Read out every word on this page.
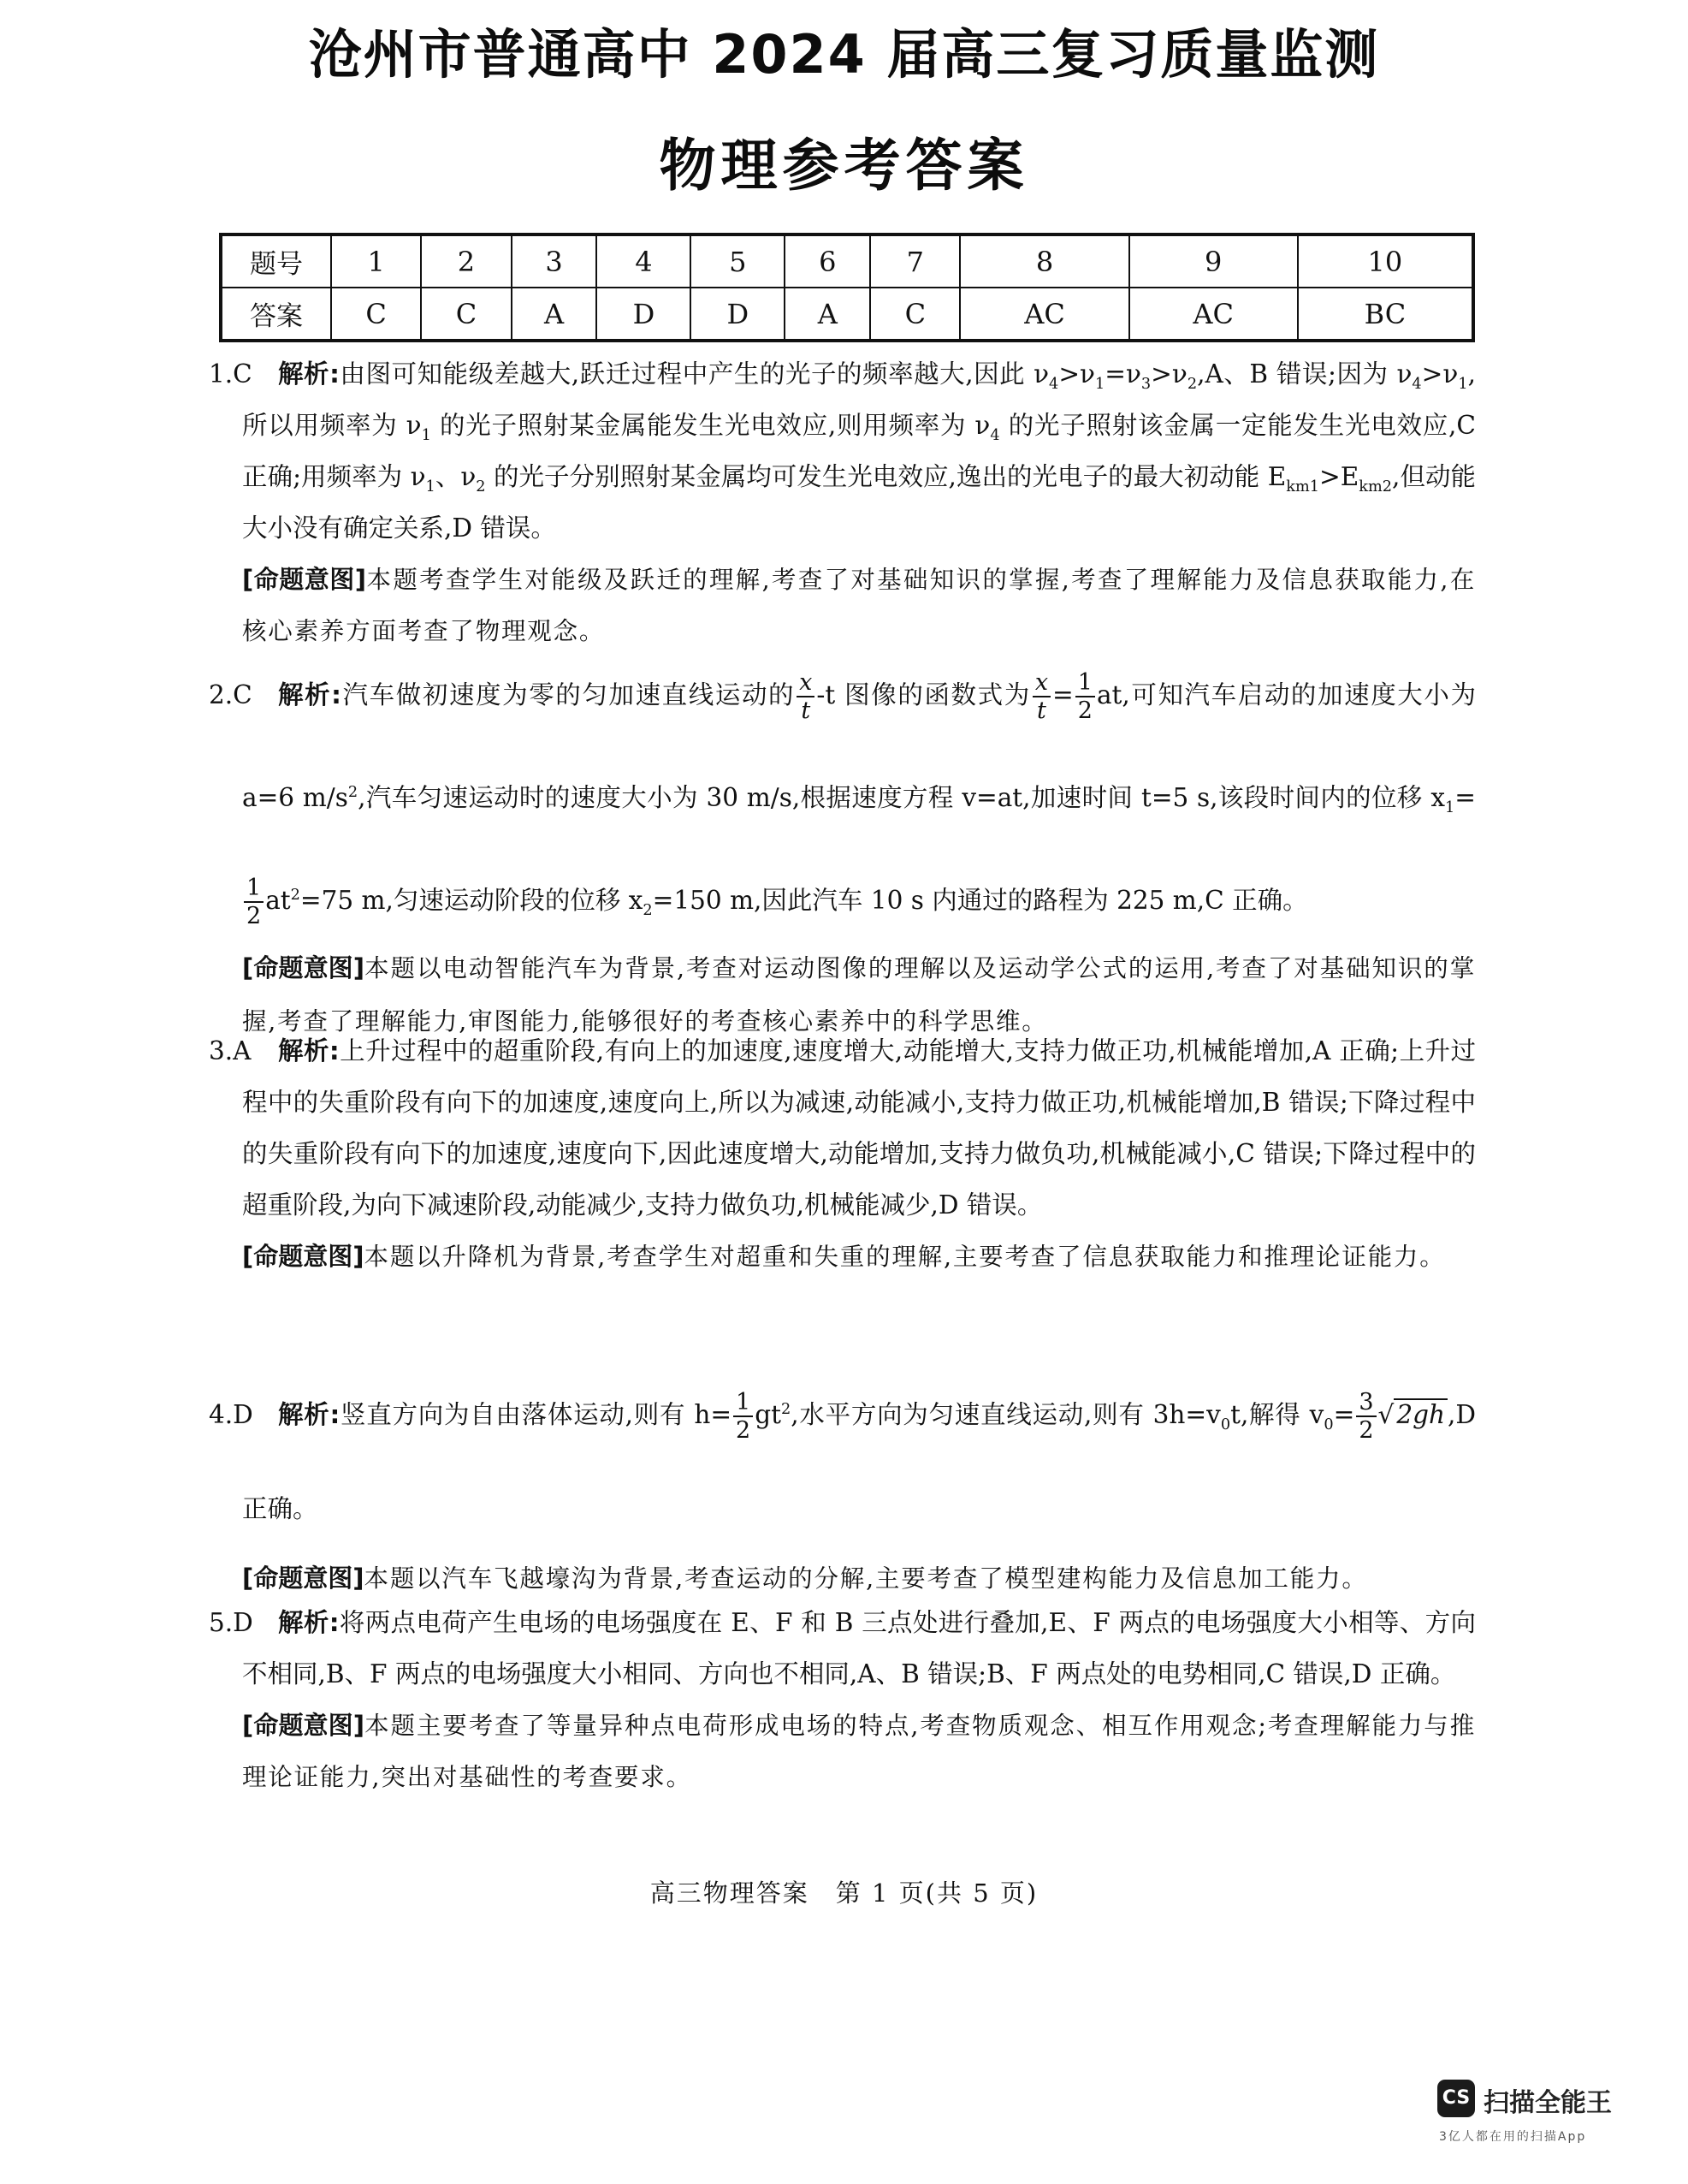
沧州市普通高中 2024 届高三复习质量监测
物理参考答案
题号	1	2	3	4	5	6	7	8	9	10
答案	C	C	A	D	D	A	C	AC	AC	BC
1.C 解析:由图可知能级差越大,跃迁过程中产生的光子的频率越大,因此 $\nu_4>\nu_1=\nu_3>\nu_2,A$、B 错误;因为 $\nu_4>\nu_1$,所以用频率为 $\nu_1$ 的光子照射某金属能发生光电效应,则用频率为 $\nu_4$ 的光子照射该金属一定能发生光电效应,C 正确;用频率为 $\nu_1$、$\nu_2$ 的光子分别照射某金属均可发生光电效应,逸出的光电子的最大初动能 $E_{km1}>E_{km2}$,但动能大小没有确定关系,D 错误。
[命题意图]本题考查学生对能级及跃迁的理解,考查了对基础知识的掌握,考查了理解能力及信息获取能力,在核心素养方面考查了物理观念。
2.C 解析:汽车做初速度为零的匀加速直线运动的 $\frac{x}{t} -t$ 图像的函数式为 $\frac{x}{t} = \frac{1}{2}$ at,可知汽车启动的加速度大小为 a=6 $m/s^2$,汽车匀速运动时的速度大小为 30 m/s,根据速度方程 v=at,加速时间 t=5 s,该段时间内的位移 $x_1=$
$\frac{1}{2} at^2=75$ m,匀速运动阶段的位移 $x_2=150$ m,因此汽车 10 s 内通过的路程为 225 m,C 正确。
[命题意图]本题以电动智能汽车为背景,考查对运动图像的理解以及运动学公式的运用,考查了对基础知识的掌握,考查了理解能力,审图能力,能够很好的考查核心素养中的科学思维。
3.A 解析:上升过程中的超重阶段,有向上的加速度,速度增大,动能增大,支持力做正功,机械能增加,A 正确;上升过程中的失重阶段有向下的加速度,速度向上,所以为减速,动能减小,支持力做正功,机械能增加,B 错误;下降过程中的失重阶段有向下的加速度,速度向下,因此速度增大,动能增加,支持力做负功,机械能减小,C 错误;下降过程中的超重阶段,为向下减速阶段,动能减少,支持力做负功,机械能减少,D 错误。
[命题意图]本题以升降机为背景,考查学生对超重和失重的理解,主要考查了信息获取能力和推理论证能力。
4.D 解析:竖直方向为自由落体运动,则有 $h= \frac{1}{2} gt^2$,水平方向为匀速直线运动,则有 $3h=v_0t$,解得 $v_0= \frac{3}{2}$ √ 2gh ,D 正确。
[命题意图]本题以汽车飞越壕沟为背景,考查运动的分解,主要考查了模型建构能力及信息加工能力。
5.D 解析:将两点电荷产生电场的电场强度在 E、F 和 B 三点处进行叠加,E、F 两点的电场强度大小相等、方向不相同,B、F 两点的电场强度大小相同、方向也不相同,A、B 错误;B、F 两点处的电势相同,C 错误,D 正确。
[命题意图]本题主要考查了等量异种点电荷形成电场的特点,考查物质观念、相互作用观念;考查理解能力与推理论证能力,突出对基础性的考查要求。
高三物理答案　第 1 页(共 5 页)
CS 扫描全能王
3亿人都在用的扫描App
